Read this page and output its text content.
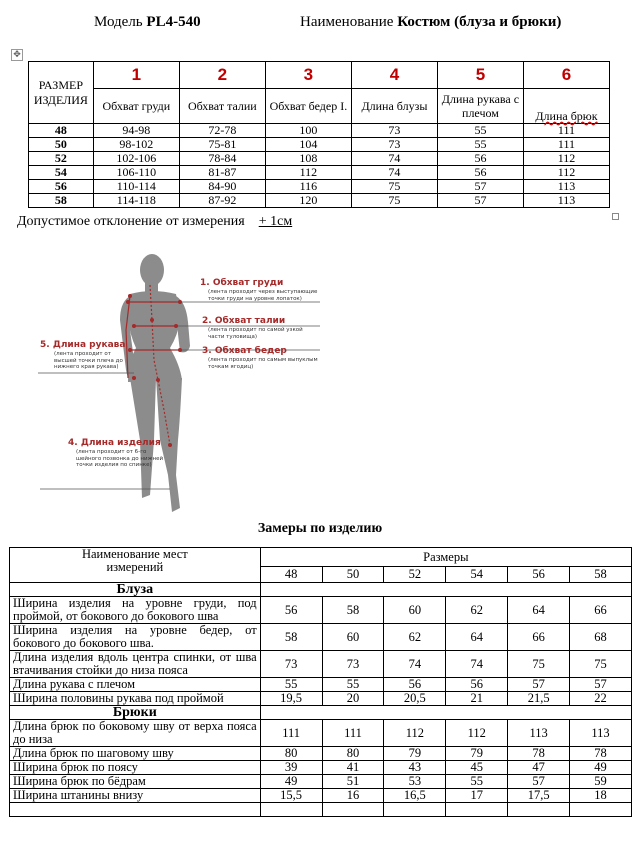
Модель PL4-540	Наименование Костюм (блуза и брюки)
✥
РАЗМЕР ИЗДЕЛИЯ	1	2	3	4	5	6
	Обхват груди	Обхват талии	Обхват бедер I.	Длина блузы	Длина рукава с плечом	Длина брюк
48	94-98	72-78	100	73	55	111
50	98-102	75-81	104	73	55	111
52	102-106	78-84	108	74	56	112
54	106-110	81-87	112	74	56	112
56	110-114	84-90	116	75	57	113
58	114-118	87-92	120	75	57	113
Допустимое отклонение от измерения + 1см
1. Обхват груди
(лента проходит через выступающие
точки груди на уровне лопаток)
2. Обхват талии
(лента проходит по самой узкой
части туловища)
3. Обхват бедер
(лента проходит по самым выпуклым
точкам ягодиц)
5. Длина рукава
(лента проходит от
высшей точки плеча до
нижнего края рукава)
4. Длина изделия
(лента проходит от 6-го
шейного позвонка до нижней
точки изделия по спинке)
Замеры по изделию
Наименование мест измерений	Размеры					
	48	50	52	54	56	58
Блуза						
Ширина изделия на уровне груди, под проймой, от бокового до бокового шва	56	58	60	62	64	66
Ширина изделия на уровне бедер, от бокового до бокового шва.	58	60	62	64	66	68
Длина изделия вдоль центра спинки, от шва втачивания стойки до низа пояса	73	73	74	74	75	75
Длина рукава с плечом	55	55	56	56	57	57
Ширина половины рукава под проймой	19,5	20	20,5	21	21,5	22
Брюки						
Длина брюк по боковому шву от верха пояса до низа	111	111	112	112	113	113
Длина брюк по шаговому шву	80	80	79	79	78	78
Ширина брюк по поясу	39	41	43	45	47	49
Ширина брюк по бёдрам	49	51	53	55	57	59
Ширина штанины внизу	15,5	16	16,5	17	17,5	18
